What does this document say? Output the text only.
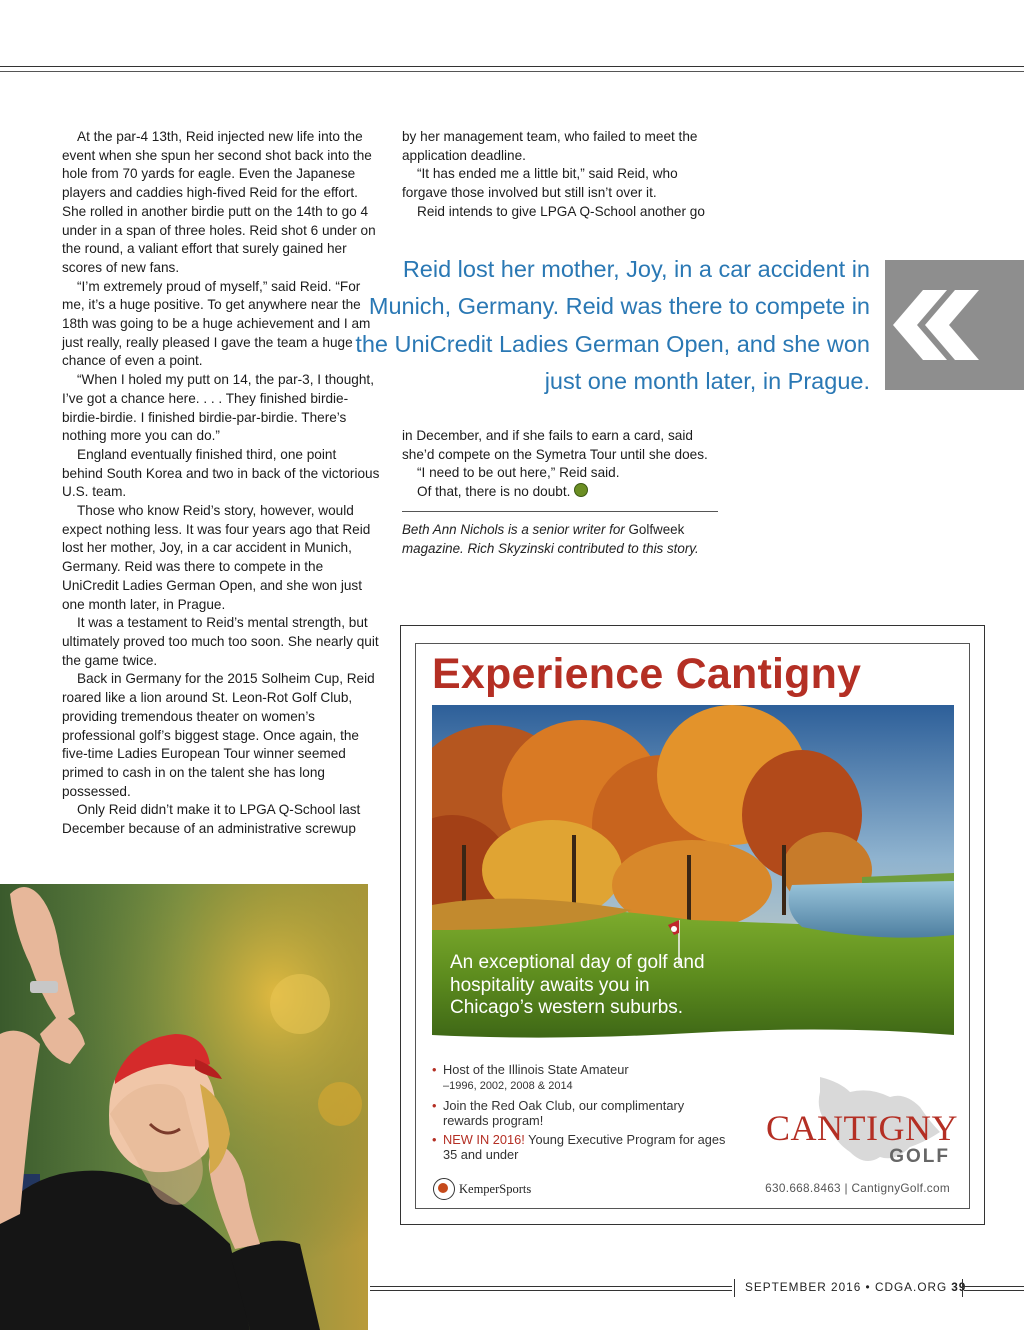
At the par-4 13th, Reid injected new life into the event when she spun her second shot back into the hole from 70 yards for eagle. Even the Japanese players and caddies high-fived Reid for the effort. She rolled in another birdie putt on the 14th to go 4 under in a span of three holes. Reid shot 6 under on the round, a valiant effort that surely gained her scores of new fans.

“I’m extremely proud of myself,” said Reid. “For me, it’s a huge positive. To get anywhere near the 18th was going to be a huge achievement and I am just really, really pleased I gave the team a huge chance of even a point.

“When I holed my putt on 14, the par-3, I thought, I’ve got a chance here. . . . They finished birdie-birdie-birdie. I finished birdie-par-birdie. There’s nothing more you can do.”

England eventually finished third, one point behind South Korea and two in back of the victorious U.S. team.

Those who know Reid’s story, however, would expect nothing less. It was four years ago that Reid lost her mother, Joy, in a car accident in Munich, Germany. Reid was there to compete in the UniCredit Ladies German Open, and she won just one month later, in Prague.

It was a testament to Reid’s mental strength, but ultimately proved too much too soon. She nearly quit the game twice.

Back in Germany for the 2015 Solheim Cup, Reid roared like a lion around St. Leon-Rot Golf Club, providing tremendous theater on women’s professional golf’s biggest stage. Once again, the five-time Ladies European Tour winner seemed primed to cash in on the talent she has long possessed.

Only Reid didn’t make it to LPGA Q-School last December because of an administrative screwup

by her management team, who failed to meet the application deadline.

“It has ended me a little bit,” said Reid, who forgave those involved but still isn’t over it.

Reid intends to give LPGA Q-School another go

Reid lost her mother, Joy, in a car accident in Munich, Germany. Reid was there to compete in the UniCredit Ladies German Open, and she won just one month later, in Prague.

in December, and if she fails to earn a card, said she’d compete on the Symetra Tour until she does.

“I need to be out here,” Reid said.

Of that, there is no doubt.

Beth Ann Nichols is a senior writer for Golfweek magazine. Rich Skyzinski contributed to this story.
Experience Cantigny
An exceptional day of golf and hospitality awaits you in Chicago’s western suburbs.
• Host of the Illinois State Amateur
–1996, 2002, 2008 & 2014
• Join the Red Oak Club, our complimentary rewards program!
• NEW IN 2016! Young Executive Program for ages 35 and under
CANTIGNY
GOLF
630.668.8463 | CantignyGolf.com
KemperSports
SEPTEMBER 2016 • CDGA.ORG 39
